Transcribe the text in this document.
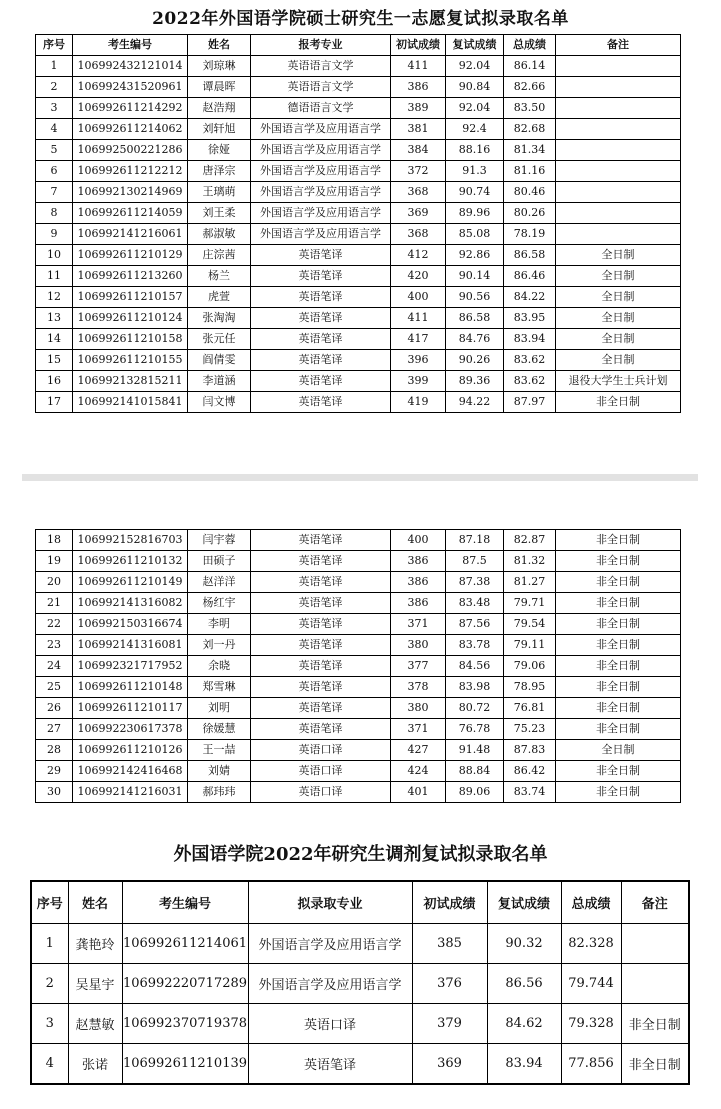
2022年外国语学院硕士研究生一志愿复试拟录取名单
序号	考生编号	姓名	报考专业	初试成绩	复试成绩	总成绩	备注
1	106992432121014	刘琼琳	英语语言文学	411	92.04	86.14	
2	106992431520961	谭晨晖	英语语言文学	386	90.84	82.66	
3	106992611214292	赵浩翔	德语语言文学	389	92.04	83.50	
4	106992611214062	刘轩旭	外国语言学及应用语言学	381	92.4	82.68	
5	106992500221286	徐娅	外国语言学及应用语言学	384	88.16	81.34	
6	106992611212212	唐泽宗	外国语言学及应用语言学	372	91.3	81.16	
7	106992130214969	王璃萌	外国语言学及应用语言学	368	90.74	80.46	
8	106992611214059	刘王柔	外国语言学及应用语言学	369	89.96	80.26	
9	106992141216061	郝淑敏	外国语言学及应用语言学	368	85.08	78.19	
10	106992611210129	庄淙茜	英语笔译	412	92.86	86.58	全日制
11	106992611213260	杨兰	英语笔译	420	90.14	86.46	全日制
12	106992611210157	虎萱	英语笔译	400	90.56	84.22	全日制
13	106992611210124	张淘淘	英语笔译	411	86.58	83.95	全日制
14	106992611210158	张元任	英语笔译	417	84.76	83.94	全日制
15	106992611210155	阎倩雯	英语笔译	396	90.26	83.62	全日制
16	106992132815211	李道涵	英语笔译	399	89.36	83.62	退役大学生士兵计划
17	106992141015841	闫文博	英语笔译	419	94.22	87.97	非全日制
18	106992152816703	闫宇蓉	英语笔译	400	87.18	82.87	非全日制
19	106992611210132	田硕子	英语笔译	386	87.5	81.32	非全日制
20	106992611210149	赵洋洋	英语笔译	386	87.38	81.27	非全日制
21	106992141316082	杨红宇	英语笔译	386	83.48	79.71	非全日制
22	106992150316674	李明	英语笔译	371	87.56	79.54	非全日制
23	106992141316081	刘一丹	英语笔译	380	83.78	79.11	非全日制
24	106992321717952	余晓	英语笔译	377	84.56	79.06	非全日制
25	106992611210148	郑雪琳	英语笔译	378	83.98	78.95	非全日制
26	106992611210117	刘明	英语笔译	380	80.72	76.81	非全日制
27	106992230617378	徐媛慧	英语笔译	371	76.78	75.23	非全日制
28	106992611210126	王一喆	英语口译	427	91.48	87.83	全日制
29	106992142416468	刘婧	英语口译	424	88.84	86.42	非全日制
30	106992141216031	郝玮玮	英语口译	401	89.06	83.74	非全日制
外国语学院2022年研究生调剂复试拟录取名单
序号	姓名	考生编号	拟录取专业	初试成绩	复试成绩	总成绩	备注
1	龚艳玲	106992611214061	外国语言学及应用语言学	385	90.32	82.328	
2	吴星宇	106992220717289	外国语言学及应用语言学	376	86.56	79.744	
3	赵慧敏	106992370719378	英语口译	379	84.62	79.328	非全日制
4	张诺	106992611210139	英语笔译	369	83.94	77.856	非全日制
